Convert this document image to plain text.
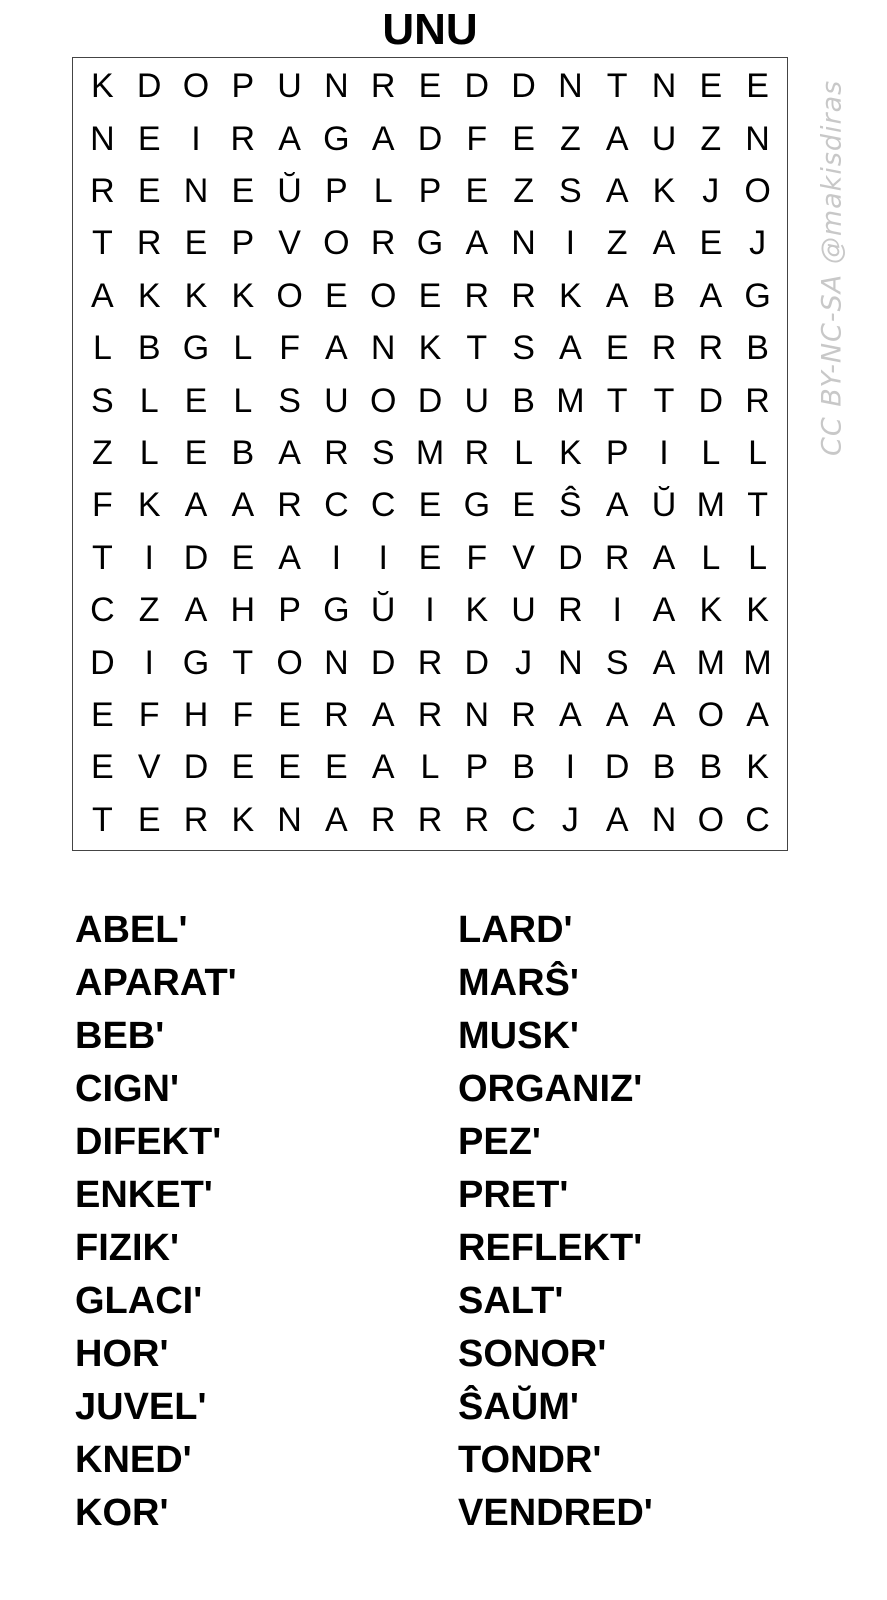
UNU
K D O P U N R E D D N T N E E
N E I R A G A D F E Z A U Z N
R E N E Ŭ P L P E Z S A K J O
T R E P V O R G A N I Z A E J
A K K K O E O E R R K A B A G
L B G L F A N K T S A E R R B
S L E L S U O D U B M T T D R
Z L E B A R S M R L K P I L L
F K A A R C C E G E Ŝ A Ŭ M T
T I D E A I	I E F V D R A L L
C Z A H P G Ŭ I K U R I A K K
D I G T O N D R D J N S A M M
E F H F E R A R N R A A A O A
E V D E E E A L P B I D B B K
T E R K N A R R R C J A N O C
CC BY-NC-SA @makisdiras
ABEL'
APARAT'
BEB'
CIGN'
DIFEKT'
ENKET'
FIZIK'
GLACI'
HOR'
JUVEL'
KNED'
KOR'
LARD'
MARŜ'
MUSK'
ORGANIZ'
PEZ'
PRET'
REFLEKT'
SALT'
SONOR'
ŜAŬM'
TONDR'
VENDRED'
